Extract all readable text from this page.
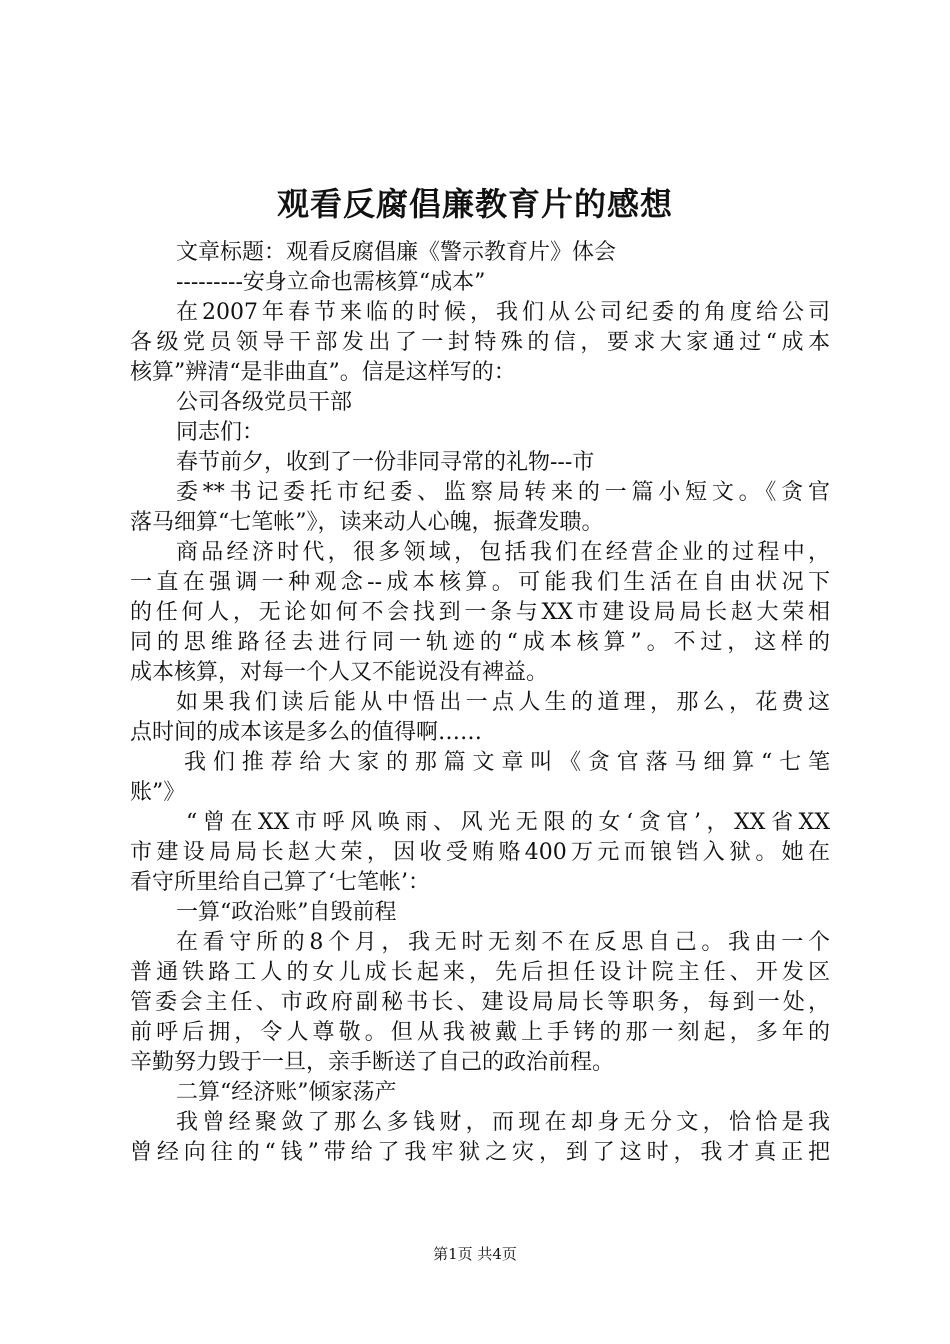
观看反腐倡廉教育片的感想
文章标题：观看反腐倡廉《警示教育片》体会
---------安身立命也需核算“成本”
在2007年春节来临的时候，我们从公司纪委的角度给公司
各级党员领导干部发出了一封特殊的信，要求大家通过“成本
核算”辨清“是非曲直”。信是这样写的：
公司各级党员干部
同志们：
春节前夕，收到了一份非同寻常的礼物---市
委**书记委托市纪委、监察局转来的一篇小短文。《贪官
落马细算“七笔帐”》，读来动人心魄，振聋发聩。
商品经济时代，很多领域，包括我们在经营企业的过程中，
一直在强调一种观念--成本核算。可能我们生活在自由状况下
的任何人，无论如何不会找到一条与XX市建设局局长赵大荣相
同的思维路径去进行同一轨迹的“成本核算”。不过，这样的
成本核算，对每一个人又不能说没有裨益。
如果我们读后能从中悟出一点人生的道理，那么，花费这
点时间的成本该是多么的值得啊……
我们推荐给大家的那篇文章叫《贪官落马细算“七笔
账”》
“曾在XX市呼风唤雨、风光无限的女‘贪官’，XX省XX
市建设局局长赵大荣，因收受贿赂400万元而锒铛入狱。她在
看守所里给自己算了‘七笔帐’：
一算“政治账”自毁前程
在看守所的8个月，我无时无刻不在反思自己。我由一个
普通铁路工人的女儿成长起来，先后担任设计院主任、开发区
管委会主任、市政府副秘书长、建设局局长等职务，每到一处，
前呼后拥，令人尊敬。但从我被戴上手铐的那一刻起，多年的
辛勤努力毁于一旦，亲手断送了自己的政治前程。
二算“经济账”倾家荡产
我曾经聚敛了那么多钱财，而现在却身无分文，恰恰是我
曾经向往的“钱”带给了我牢狱之灾，到了这时，我才真正把
第1页 共4页
